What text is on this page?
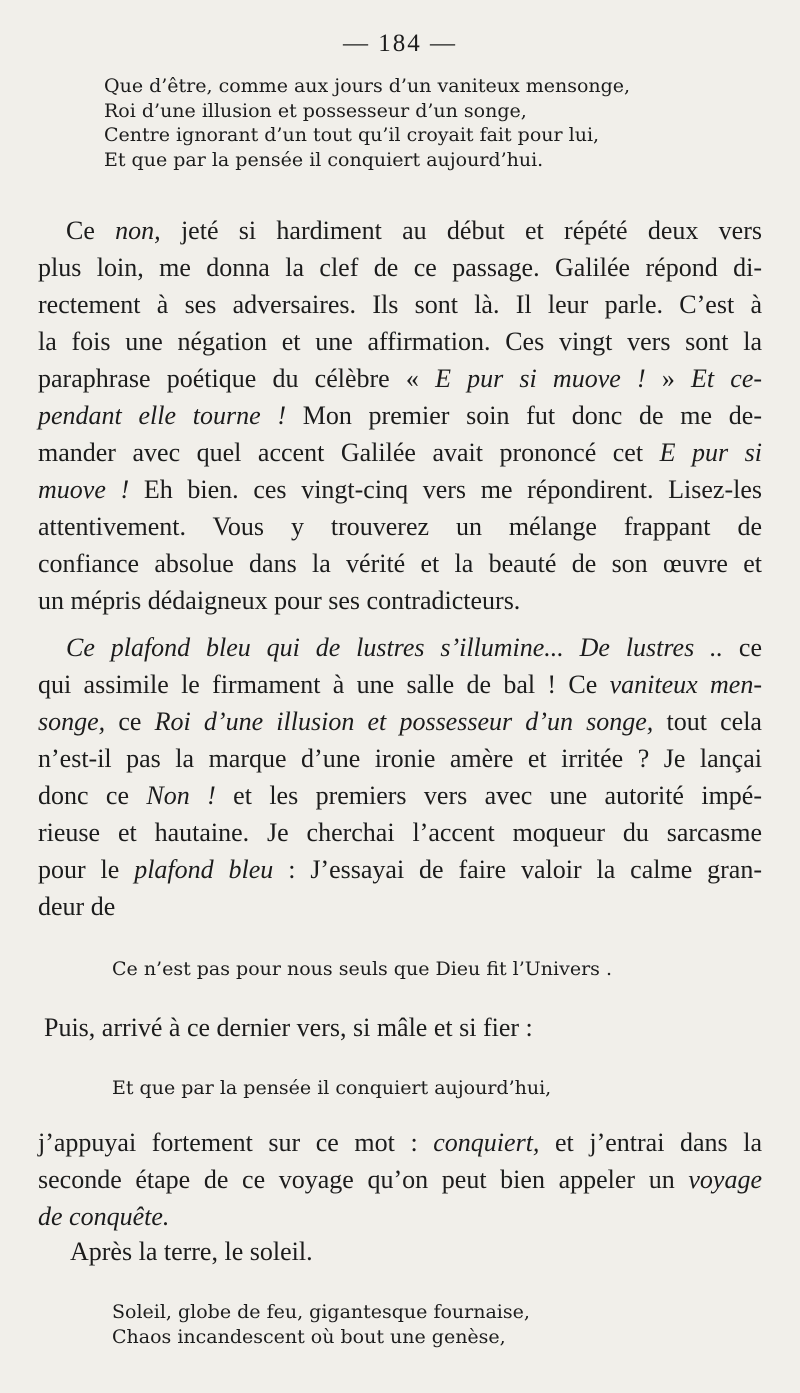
— 184 —
Que d’être, comme aux jours d’un vaniteux mensonge,
Roi d’une illusion et possesseur d’un songe,
Centre ignorant d’un tout qu’il croyait fait pour lui,
Et que par la pensée il conquiert aujourd’hui.
Ce non, jeté si hardiment au début et répété deux vers
plus loin, me donna la clef de ce passage. Galilée répond di-
rectement à ses adversaires. Ils sont là. Il leur parle. C’est à
la fois une négation et une affirmation. Ces vingt vers sont la
paraphrase poétique du célèbre « E pur si muove ! » Et ce-
pendant elle tourne ! Mon premier soin fut donc de me de-
mander avec quel accent Galilée avait prononcé cet E pur si
muove ! Eh bien. ces vingt-cinq vers me répondirent. Lisez-les
attentivement. Vous y trouverez un mélange frappant de
confiance absolue dans la vérité et la beauté de son œuvre et
un mépris dédaigneux pour ses contradicteurs.
Ce plafond bleu qui de lustres s’illumine... De lustres .. ce
qui assimile le firmament à une salle de bal ! Ce vaniteux men-
songe, ce Roi d’une illusion et possesseur d’un songe, tout cela
n’est-il pas la marque d’une ironie amère et irritée ? Je lançai
donc ce Non ! et les premiers vers avec une autorité impé-
rieuse et hautaine. Je cherchai l’accent moqueur du sarcasme
pour le plafond bleu : J’essayai de faire valoir la calme gran-
deur de
Ce n’est pas pour nous seuls que Dieu fit l’Univers .
Puis, arrivé à ce dernier vers, si mâle et si fier :
Et que par la pensée il conquiert aujourd’hui,
j’appuyai fortement sur ce mot : conquiert, et j’entrai dans la
seconde étape de ce voyage qu’on peut bien appeler un voyage
de conquête.
Après la terre, le soleil.
Soleil, globe de feu, gigantesque fournaise,
Chaos incandescent où bout une genèse,
